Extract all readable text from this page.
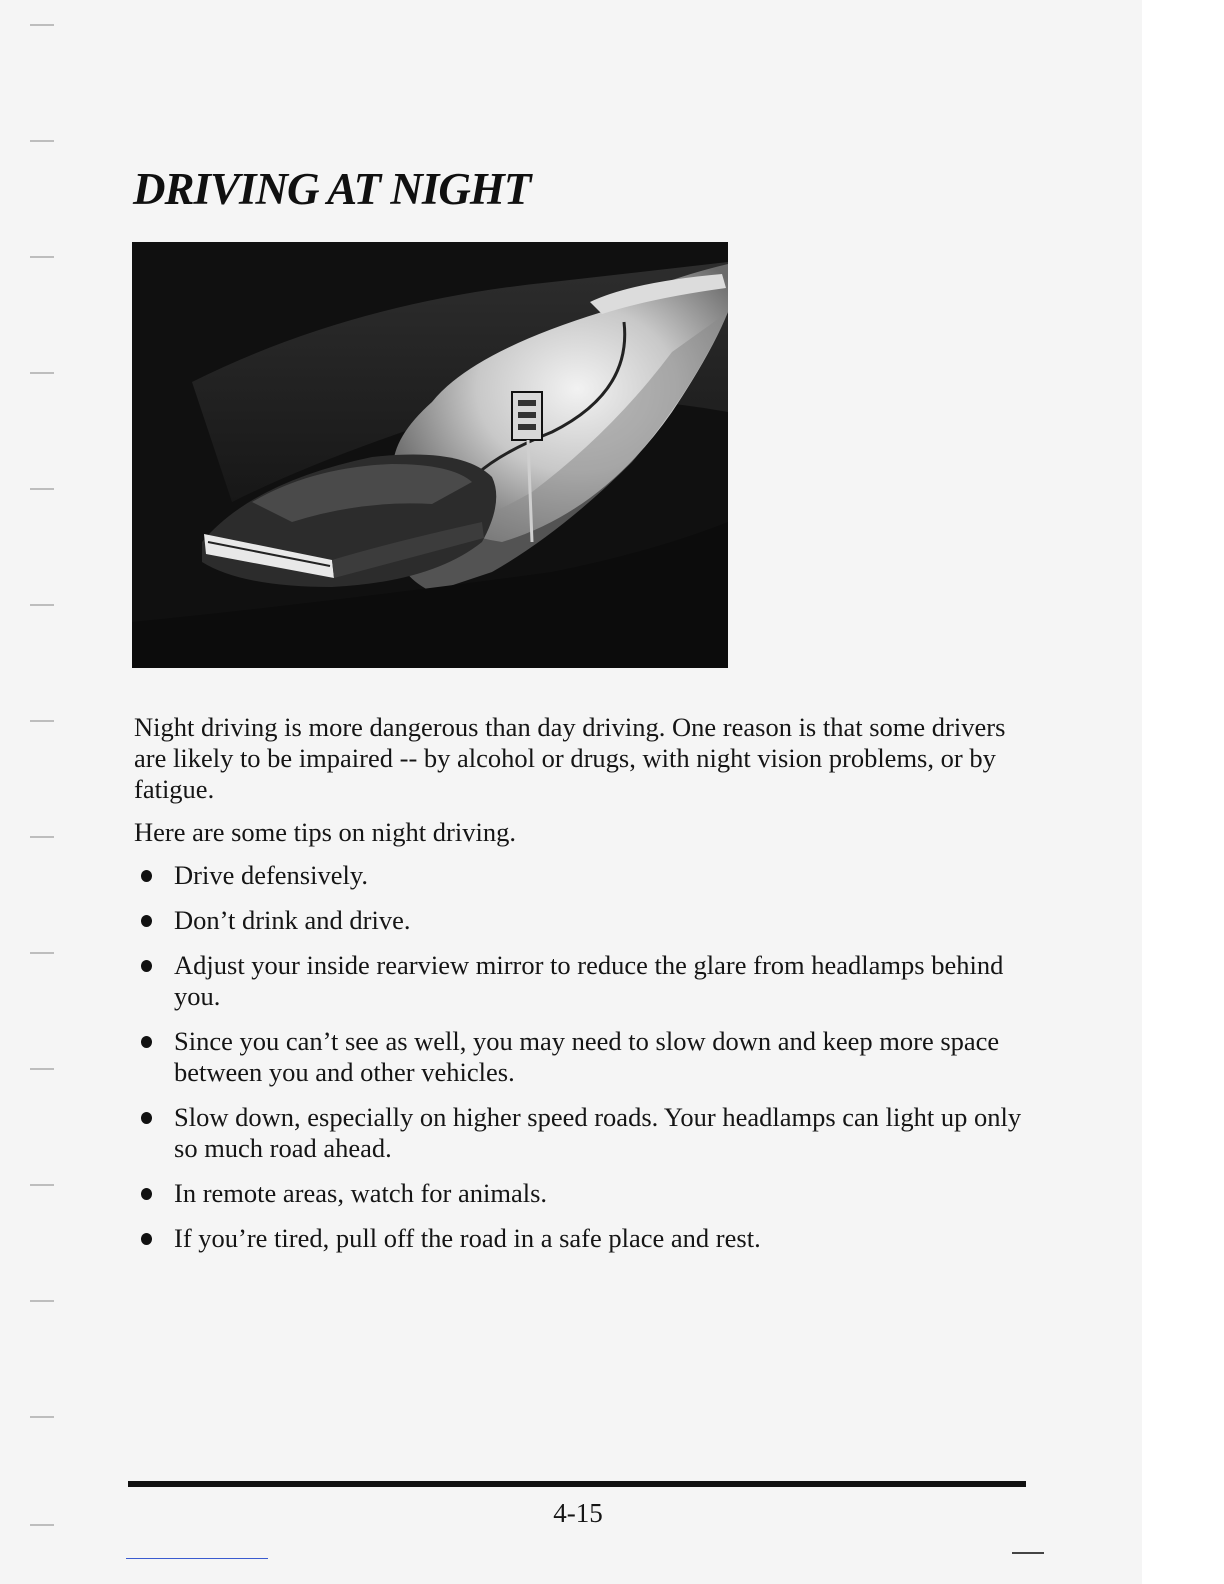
DRIVING AT NIGHT

Night driving is more dangerous than day driving. One reason is that some drivers are likely to be impaired -- by alcohol or drugs, with night vision problems, or by fatigue.

Here are some tips on night driving.

Drive defensively.
Don’t drink and drive.
Adjust your inside rearview mirror to reduce the glare from headlamps behind you.
Since you can’t see as well, you may need to slow down and keep more space between you and other vehicles.
Slow down, especially on higher speed roads. Your headlamps can light up only so much road ahead.
In remote areas, watch for animals.
If you’re tired, pull off the road in a safe place and rest.
4-15
